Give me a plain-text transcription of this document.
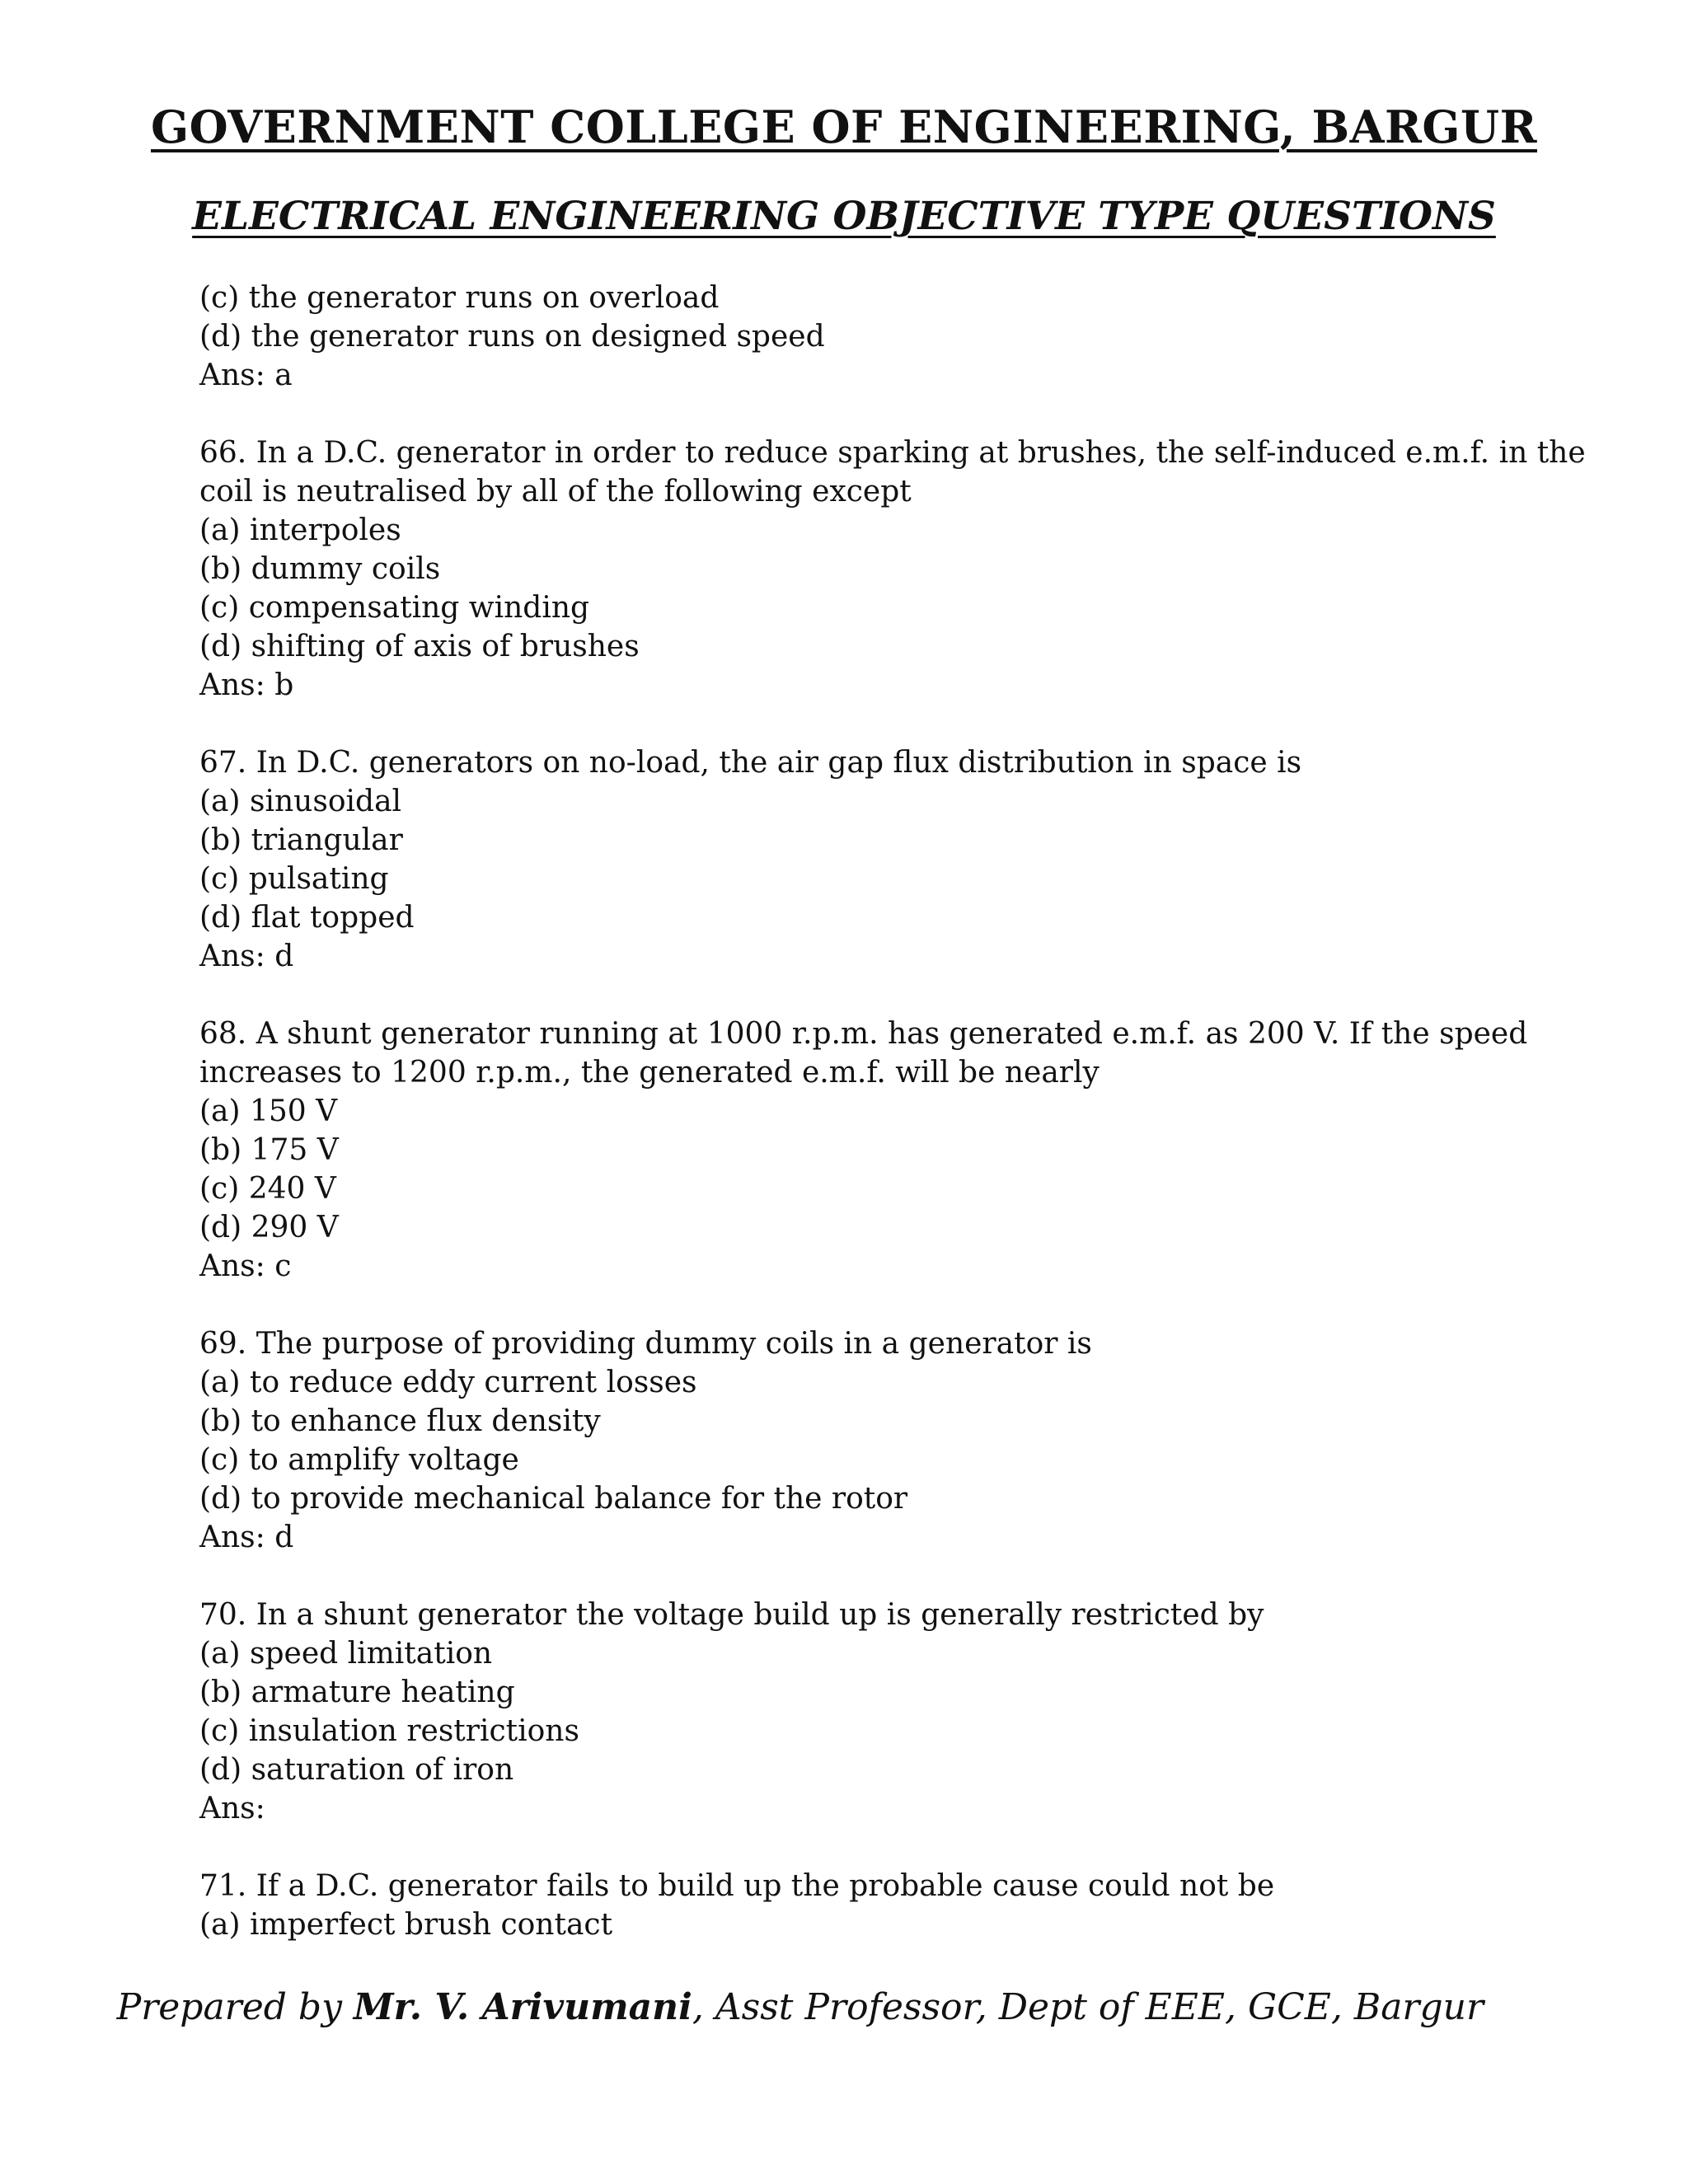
GOVERNMENT COLLEGE OF ENGINEERING, BARGUR
ELECTRICAL ENGINEERING OBJECTIVE TYPE QUESTIONS
(c) the generator runs on overload
(d) the generator runs on designed speed
Ans: a
66. In a D.C. generator in order to reduce sparking at brushes, the self-induced e.m.f. in the
coil is neutralised by all of the following except
(a) interpoles
(b) dummy coils
(c) compensating winding
(d) shifting of axis of brushes
Ans: b
67. In D.C. generators on no-load, the air gap flux distribution in space is
(a) sinusoidal
(b) triangular
(c) pulsating
(d) flat topped
Ans: d
68. A shunt generator running at 1000 r.p.m. has generated e.m.f. as 200 V. If the speed
increases to 1200 r.p.m., the generated e.m.f. will be nearly
(a) 150 V
(b) 175 V
(c) 240 V
(d) 290 V
Ans: c
69. The purpose of providing dummy coils in a generator is
(a) to reduce eddy current losses
(b) to enhance flux density
(c) to amplify voltage
(d) to provide mechanical balance for the rotor
Ans: d
70. In a shunt generator the voltage build up is generally restricted by
(a) speed limitation
(b) armature heating
(c) insulation restrictions
(d) saturation of iron
Ans:
71. If a D.C. generator fails to build up the probable cause could not be
(a) imperfect brush contact
Prepared by Mr. V. Arivumani, Asst Professor, Dept of EEE, GCE, Bargur
